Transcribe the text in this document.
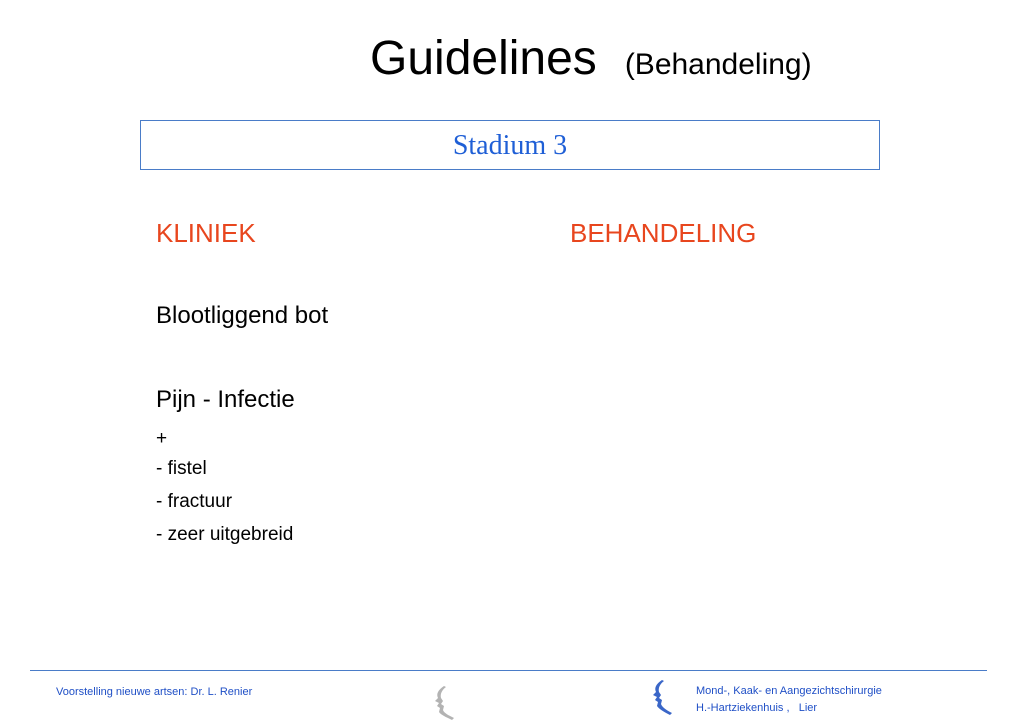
Guidelines (Behandeling)
Stadium 3
KLINIEK	BEHANDELING
Blootliggend bot
Pijn - Infectie
+
- fistel
- fractuur
- zeer uitgebreid
Voorstelling nieuwe artsen: Dr. L. Renier	Mond-, Kaak- en Aangezichtschirurgie
H.-Hartziekenhuis ,   Lier
